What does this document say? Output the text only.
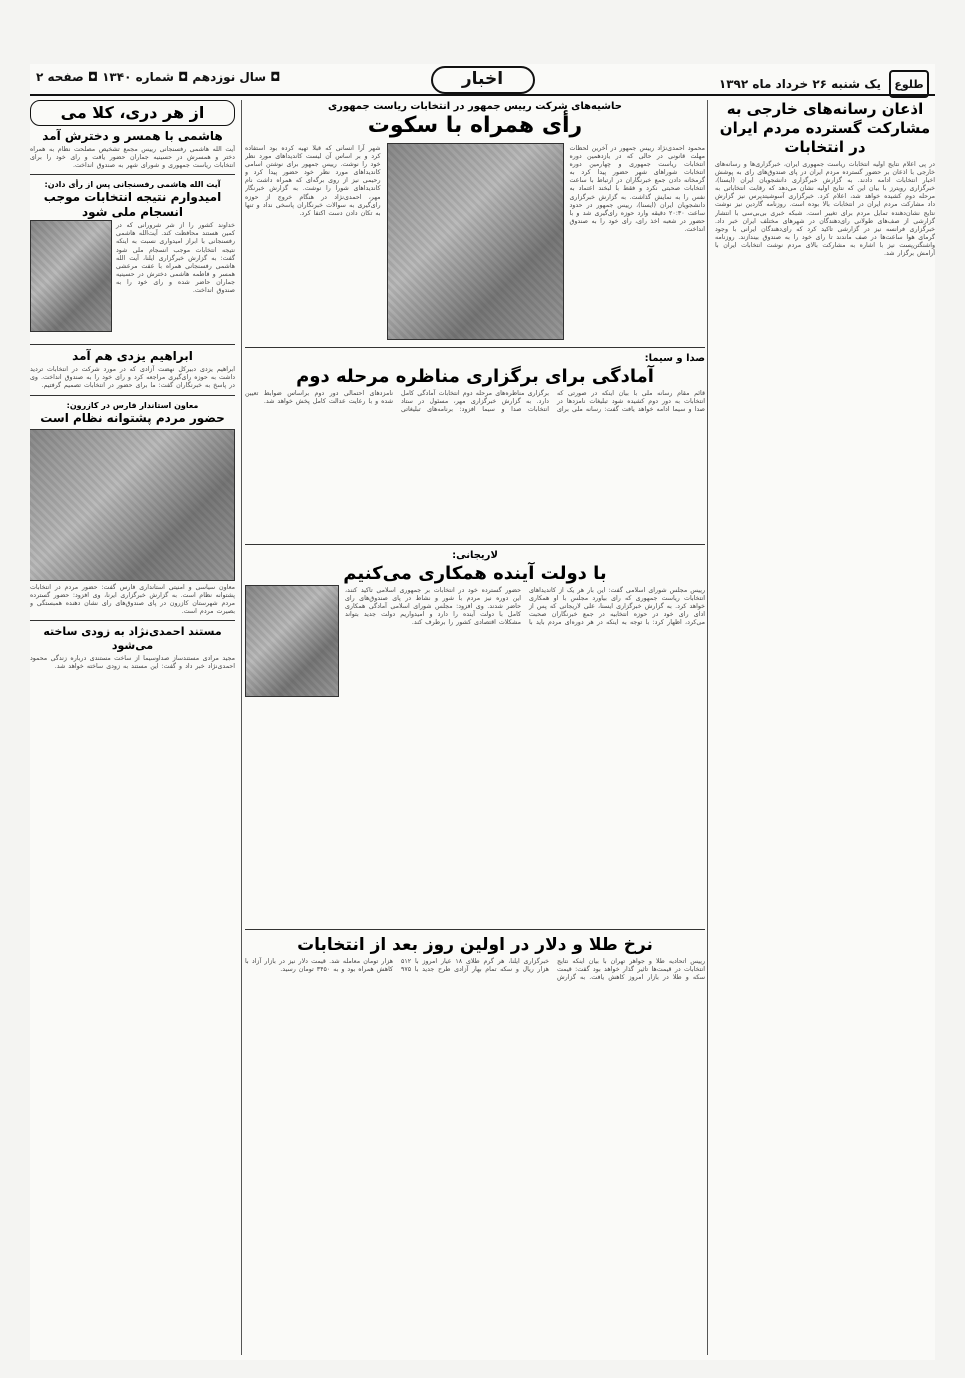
طلوع
یک شنبه ۲۶ خرداد ماه ۱۳۹۲
اخبار
◘ سال نوزدهم ◘ شماره ۱۳۴۰ ◘ صفحه ۲
اذعان رسانه‌های خارجی به مشارکت گسترده مردم ایران در انتخابات
در پی اعلام نتایج اولیه انتخابات ریاست جمهوری ایران، خبرگزاری‌ها و رسانه‌های خارجی با اذعان بر حضور گسترده مردم ایران در پای صندوق‌های رای به پوشش اخبار انتخابات ادامه دادند. به گزارش خبرگزاری دانشجویان ایران (ایسنا)، خبرگزاری رویترز با بیان این که نتایج اولیه نشان می‌دهد که رقابت انتخاباتی به مرحله دوم کشیده خواهد شد، اعلام کرد. خبرگزاری آسوشیتدپرس نیز گزارش داد مشارکت مردم ایران در انتخابات بالا بوده است. روزنامه گاردین نیز نوشت نتایج نشان‌دهنده تمایل مردم برای تغییر است. شبکه خبری بی‌بی‌سی با انتشار گزارشی از صف‌های طولانی رای‌دهندگان در شهرهای مختلف ایران خبر داد. خبرگزاری فرانسه نیز در گزارشی تاکید کرد که رای‌دهندگان ایرانی با وجود گرمای هوا ساعت‌ها در صف ماندند تا رای خود را به صندوق بیندازند. روزنامه واشنگتن‌پست نیز با اشاره به مشارکت بالای مردم نوشت انتخابات ایران با آرامش برگزار شد.
حاشیه‌های شرکت رییس جمهور در انتخابات ریاست جمهوری
رأی همراه با سکوت
محمود احمدی‌نژاد رییس جمهور در آخرین لحظات مهلت قانونی در حالی که در یازدهمین دوره انتخابات ریاست جمهوری و چهارمین دوره انتخابات شوراهای شهر حضور پیدا کرد به گرمخانه دادن جمع خبرنگاران در ارتباط با ساعت انتخابات صحبتی نکرد و فقط با لبخند اعتماد به نفس را به نمایش گذاشت. به گزارش خبرگزاری دانشجویان ایران (ایسنا)، رییس جمهور در حدود ساعت ۲۰:۳۰ دقیقه وارد حوزه رای‌گیری شد و با حضور در شعبه اخذ رای، رای خود را به صندوق انداخت.
شهر آرا انسانی که قبلا تهیه کرده بود استفاده کرد و بر اساس آن لیست کاندیداهای مورد نظر خود را نوشت. رییس جمهور برای نوشتن اسامی کاندیداهای مورد نظر خود حضور پیدا کرد و رحیمی نیز از روی برگه‌ای که همراه داشت نام کاندیداهای شورا را نوشت. به گزارش خبرنگار مهر، احمدی‌نژاد در هنگام خروج از حوزه رای‌گیری به سوالات خبرنگاران پاسخی نداد و تنها به تکان دادن دست اکتفا کرد.
صدا و سیما:
آمادگی برای برگزاری مناظره مرحله دوم
قائم مقام رسانه ملی با بیان اینکه در صورتی که انتخابات به دور دوم کشیده شود تبلیغات نامزدها در صدا و سیما ادامه خواهد یافت گفت: رسانه ملی برای برگزاری مناظره‌های مرحله دوم انتخابات آمادگی کامل دارد. به گزارش خبرگزاری مهر، مسئول در ستاد انتخابات صدا و سیما افزود: برنامه‌های تبلیغاتی نامزدهای احتمالی دور دوم براساس ضوابط تعیین شده و با رعایت عدالت کامل پخش خواهد شد.
لاریجانی:
با دولت آینده همکاری می‌کنیم
رییس مجلس شورای اسلامی گفت: این بار هر یک از کاندیداهای انتخابات ریاست جمهوری که رای بیاورد مجلس با او همکاری خواهد کرد. به گزارش خبرگزاری ایسنا، علی لاریجانی که پس از ادای رای خود در حوزه انتخابیه در جمع خبرنگاران صحبت می‌کرد، اظهار کرد: با توجه به اینکه در هر دوره‌ای مردم باید با حضور گسترده خود در انتخابات بر جمهوری اسلامی تاکید کنند، این دوره نیز مردم با شور و نشاط در پای صندوق‌های رای حاضر شدند. وی افزود: مجلس شورای اسلامی آمادگی همکاری کامل با دولت آینده را دارد و امیدواریم دولت جدید بتواند مشکلات اقتصادی کشور را برطرف کند.
نرخ طلا و دلار در اولین روز بعد از انتخابات
رییس اتحادیه طلا و جواهر تهران با بیان اینکه نتایج انتخابات در قیمت‌ها تاثیر گذار خواهد بود گفت: قیمت سکه و طلا در بازار امروز کاهش یافت. به گزارش خبرگزاری ایلنا، هر گرم طلای ۱۸ عیار امروز با ۵۱۲ هزار ریال و سکه تمام بهار آزادی طرح جدید با ۹۷۵ هزار تومان معامله شد. قیمت دلار نیز در بازار آزاد با کاهش همراه بود و به ۳۴۵۰ تومان رسید.
از هر دری، کلا می
هاشمی با همسر و دخترش آمد
آیت الله هاشمی رفسنجانی رییس مجمع تشخیص مصلحت نظام به همراه دختر و همسرش در حسینیه جماران حضور یافت و رای خود را برای انتخابات ریاست جمهوری و شورای شهر به صندوق انداخت.
آیت الله هاشمی رفسنجانی پس از رأی دادن:
امیدوارم نتیجه انتخابات موجب انسجام ملی شود
خداوند کشور را از شر شرورانی که در کمین هستند محافظت کند. آیت‌الله هاشمی رفسنجانی با ابراز امیدواری نسبت به اینکه نتیجه انتخابات موجب انسجام ملی شود گفت: به گزارش خبرگزاری ایلنا، آیت الله هاشمی رفسنجانی همراه با عفت مرعشی همسر و فاطمه هاشمی دخترش در حسینیه جماران حاضر شده و رای خود را به صندوق انداخت.
ابراهیم یزدی هم آمد
ابراهیم یزدی دبیرکل نهضت آزادی که در مورد شرکت در انتخابات تردید داشت به حوزه رای‌گیری مراجعه کرد و رای خود را به صندوق انداخت. وی در پاسخ به خبرنگاران گفت: ما برای حضور در انتخابات تصمیم گرفتیم.
معاون استاندار فارس در کازرون:
حضور مردم پشتوانه نظام است
معاون سیاسی و امنیتی استانداری فارس گفت: حضور مردم در انتخابات پشتوانه نظام است. به گزارش خبرگزاری ایرنا، وی افزود: حضور گسترده مردم شهرستان کازرون در پای صندوق‌های رای نشان دهنده همبستگی و بصیرت مردم است.
مستند احمدی‌نژاد به زودی ساخته می‌شود
مجید مرادی مستندساز صداوسیما از ساخت مستندی درباره زندگی محمود احمدی‌نژاد خبر داد و گفت: این مستند به زودی ساخته خواهد شد.
